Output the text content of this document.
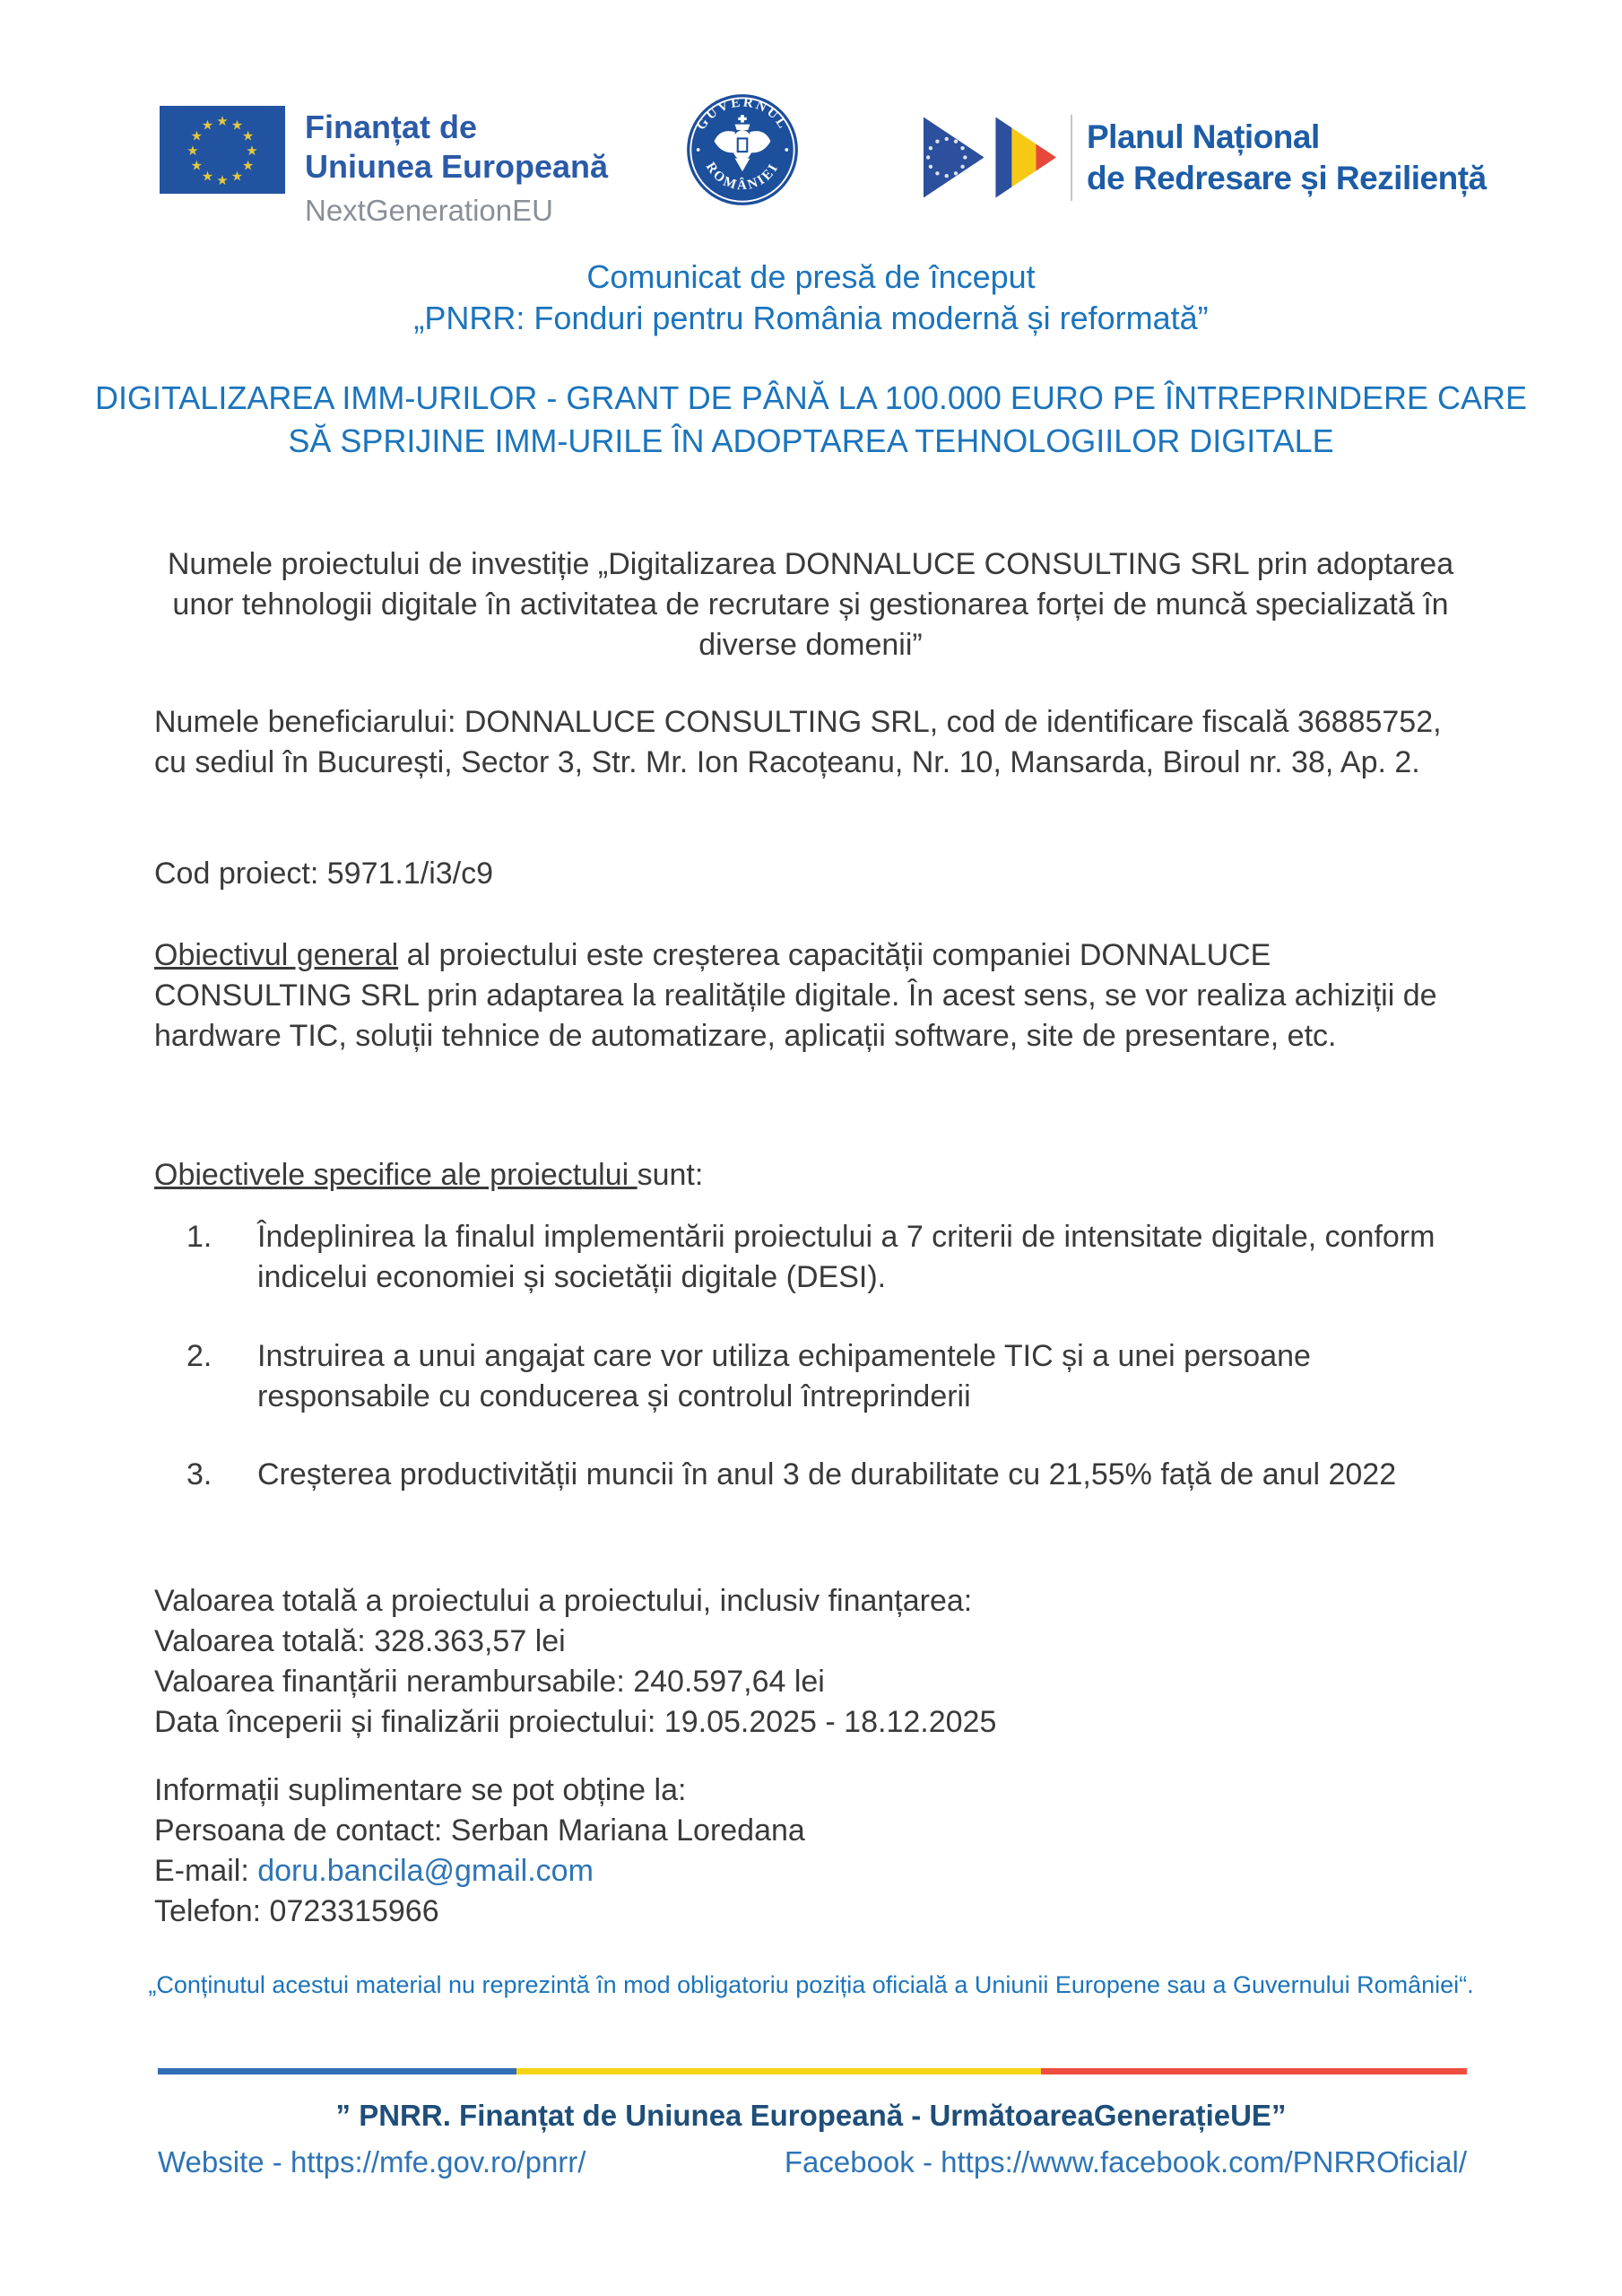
★ ★
★
★
★
★
★
★
★
★
★
★	Finanțat de
Uniunea Europeană
NextGenerationEU
GUVERNUL
ROMÂNIEI
Planul Național
de Redresare și Reziliență
Comunicat de presă de început
„PNRR: Fonduri pentru România modernă și reformată”
DIGITALIZAREA IMM-URILOR - GRANT DE PÂNĂ LA 100.000 EURO PE ÎNTREPRINDERE CARE SĂ SPRIJINE IMM-URILE ÎN ADOPTAREA TEHNOLOGIILOR DIGITALE
Numele proiectului de investiție „Digitalizarea DONNALUCE CONSULTING SRL prin adoptarea unor tehnologii digitale în activitatea de recrutare și gestionarea forței de muncă specializată în diverse domenii”
Numele beneficiarului: DONNALUCE CONSULTING SRL, cod de identificare fiscală 36885752, cu sediul în București, Sector 3, Str. Mr. Ion Racoțeanu, Nr. 10, Mansarda, Biroul nr. 38, Ap. 2.
Cod proiect: 5971.1/i3/c9
Obiectivul general al proiectului este creșterea capacității companiei DONNALUCE CONSULTING SRL prin adaptarea la realitățile digitale. În acest sens, se vor realiza achiziții de hardware TIC, soluții tehnice de automatizare, aplicații software, site de presentare, etc.
Obiectivele specifice ale proiectului sunt:
1.	Îndeplinirea la finalul implementării proiectului a 7 criterii de intensitate digitale, conform indicelui economiei și societății digitale (DESI).
2.	Instruirea a unui angajat care vor utiliza echipamentele TIC și a unei persoane responsabile cu conducerea și controlul întreprinderii
3.	Creșterea productivității muncii în anul 3 de durabilitate cu 21,55% față de anul 2022
Valoarea totală a proiectului a proiectului, inclusiv finanțarea:
Valoarea totală: 328.363,57 lei
Valoarea finanțării nerambursabile: 240.597,64 lei
Data începerii și finalizării proiectului: 19.05.2025 - 18.12.2025
Informații suplimentare se pot obține la:
Persoana de contact: Serban Mariana Loredana
E-mail: doru.bancila@gmail.com
Telefon: 0723315966
„Conținutul acestui material nu reprezintă în mod obligatoriu poziția oficială a Uniunii Europene sau a Guvernului României“.
” PNRR. Finanțat de Uniunea Europeană - UrmătoareaGenerațieUE”
Website - https://mfe.gov.ro/pnrr/	Facebook - https://www.facebook.com/PNRROficial/
